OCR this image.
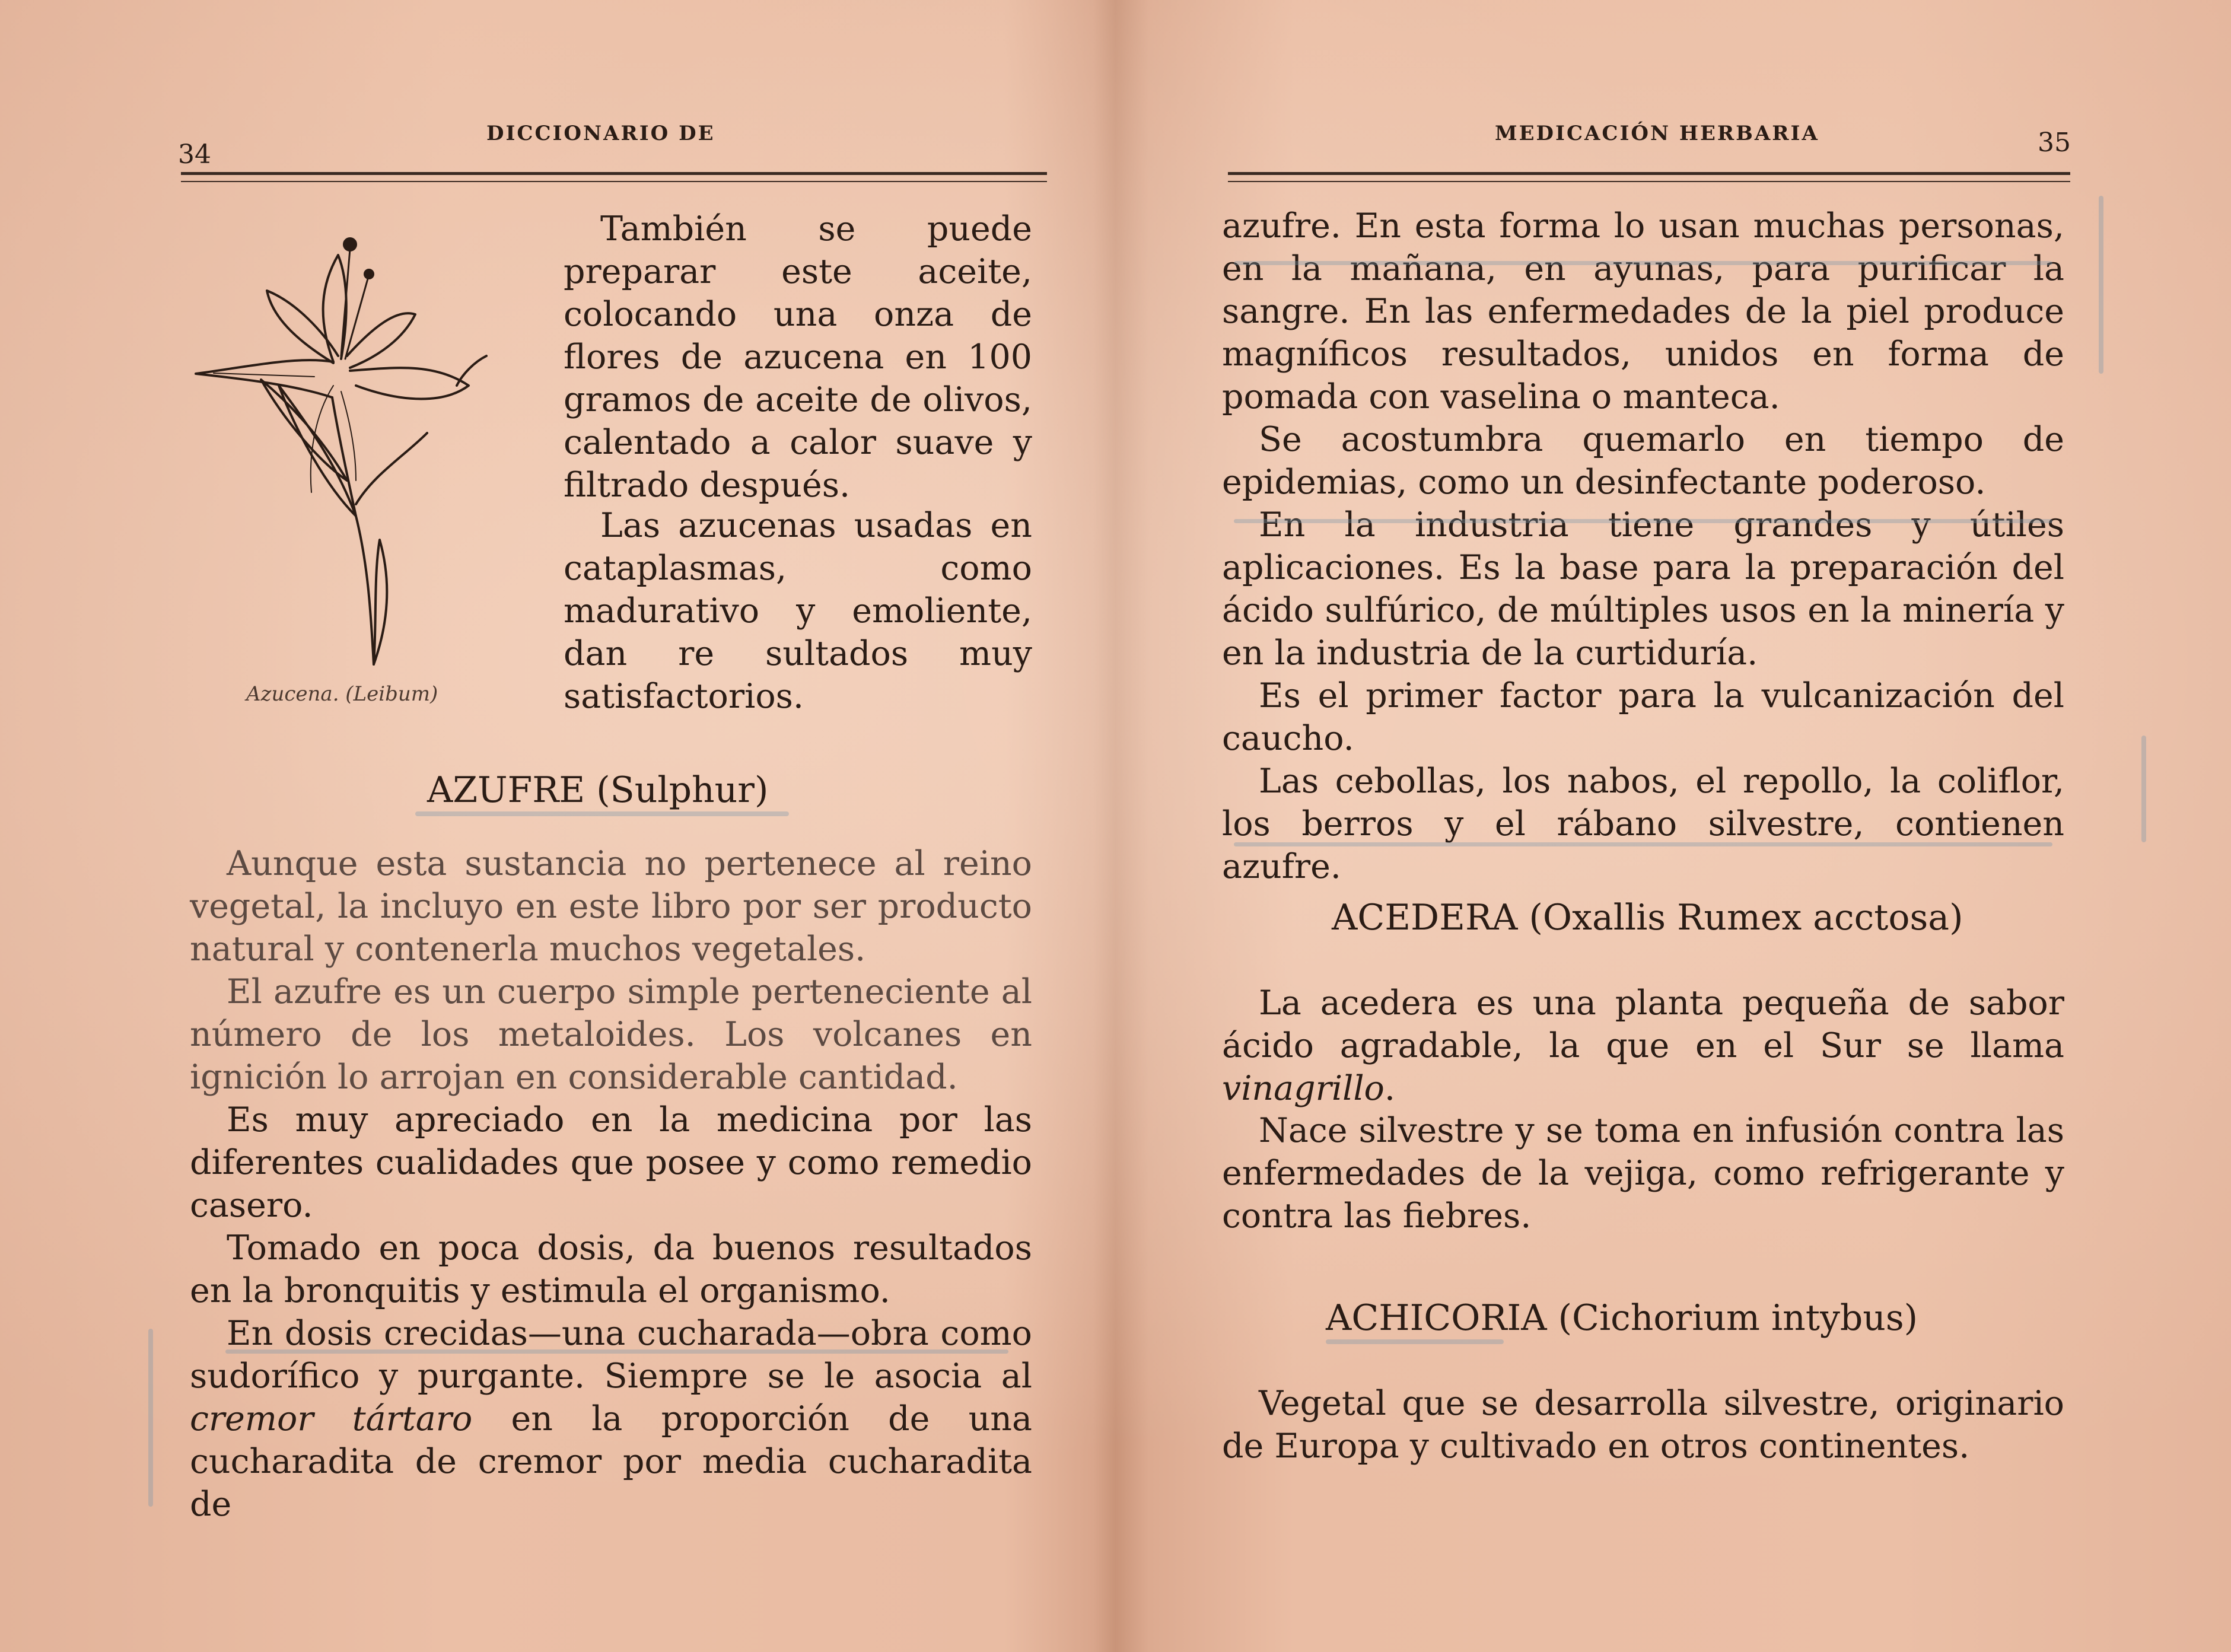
34
DICCIONARIO DE
Azucena. (Leibum)
También se puede preparar este aceite, colocando una onza de flores de azucena en 100 gramos de aceite de olivos, calentado a calor suave y filtrado después.
Las azucenas usadas en cataplasmas, como madurativo y emoliente, dan re sultados muy satisfactorios.
AZUFRE (Sulphur)
Aunque esta sustancia no pertenece al reino vegetal, la incluyo en este libro por ser producto natural y contenerla muchos vegetales.
El azufre es un cuerpo simple perteneciente al número de los metaloides. Los volcanes en ignición lo arrojan en considerable cantidad.
Es muy apreciado en la medicina por las diferentes cualidades que posee y como remedio casero.
Tomado en poca dosis, da buenos resultados en la bronquitis y estimula el organismo.
En dosis crecidas—una cucharada—obra como sudorífico y purgante. Siempre se le asocia al cremor tártaro en la proporción de una cucharadita de cremor por media cucharadita de
MEDICACIÓN HERBARIA	35
azufre. En esta forma lo usan muchas personas, en la mañana, en ayunas, para purificar la sangre. En las enfermedades de la piel produce magníficos resultados, unidos en forma de pomada con vaselina o manteca.
Se acostumbra quemarlo en tiempo de epidemias, como un desinfectante poderoso.
En la industria tiene grandes y útiles aplicaciones. Es la base para la preparación del ácido sulfúrico, de múltiples usos en la minería y en la industria de la curtiduría.
Es el primer factor para la vulcanización del caucho.
Las cebollas, los nabos, el repollo, la coliflor, los berros y el rábano silvestre, contienen azufre.
ACEDERA (Oxallis Rumex acctosa)
La acedera es una planta pequeña de sabor ácido agradable, la que en el Sur se llama vinagrillo.
Nace silvestre y se toma en infusión contra las enfermedades de la vejiga, como refrigerante y contra las fiebres.
ACHICORIA (Cichorium intybus)
Vegetal que se desarrolla silvestre, originario de Europa y cultivado en otros continentes.
